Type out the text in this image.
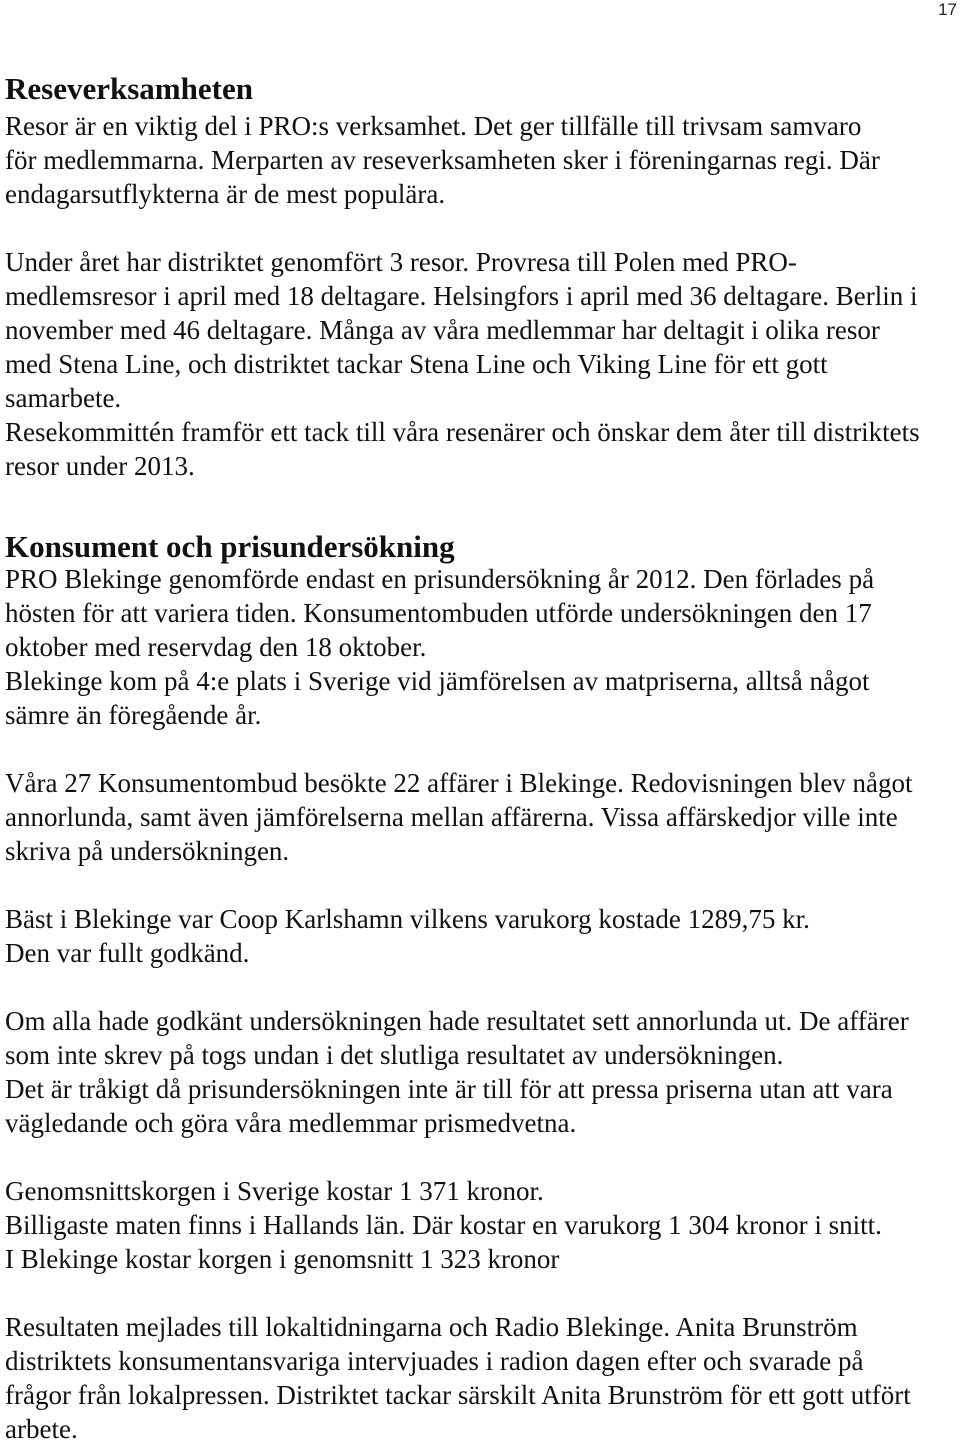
17
Reseverksamheten
Resor är en viktig del i PRO:s verksamhet. Det ger tillfälle till trivsam samvaro
för medlemmarna. Merparten av reseverksamheten sker i föreningarnas regi. Där
endagarsutflykterna är de mest populära.
Under året har distriktet genomfört 3 resor. Provresa till Polen med PRO-
medlemsresor i april med 18 deltagare. Helsingfors i april med 36 deltagare. Berlin i
november med 46 deltagare. Många av våra medlemmar har deltagit i olika resor
med Stena Line, och distriktet tackar Stena Line och Viking Line för ett gott
samarbete.
Resekommittén framför ett tack till våra resenärer och önskar dem åter till distriktets
resor under 2013.
Konsument och prisundersökning
PRO Blekinge genomförde endast en prisundersökning år 2012. Den förlades på
hösten för att variera tiden. Konsumentombuden utförde undersökningen den 17
oktober med reservdag den 18 oktober.
Blekinge kom på 4:e plats i Sverige vid jämförelsen av matpriserna, alltså något
sämre än föregående år.
Våra 27 Konsumentombud besökte 22 affärer i Blekinge. Redovisningen blev något
annorlunda, samt även jämförelserna mellan affärerna. Vissa affärskedjor ville inte
skriva på undersökningen.
Bäst i Blekinge var Coop Karlshamn vilkens varukorg kostade 1289,75 kr.
Den var fullt godkänd.
Om alla hade godkänt undersökningen hade resultatet sett annorlunda ut. De affärer
som inte skrev på togs undan i det slutliga resultatet av undersökningen.
Det är tråkigt då prisundersökningen inte är till för att pressa priserna utan att vara
vägledande och göra våra medlemmar prismedvetna.
Genomsnittskorgen i Sverige kostar 1 371 kronor.
Billigaste maten finns i Hallands län. Där kostar en varukorg 1 304 kronor i snitt.
I Blekinge kostar korgen i genomsnitt 1 323 kronor
Resultaten mejlades till lokaltidningarna och Radio Blekinge. Anita Brunström
distriktets konsumentansvariga intervjuades i radion dagen efter och svarade på
frågor från lokalpressen. Distriktet tackar särskilt Anita Brunström för ett gott utfört
arbete.
